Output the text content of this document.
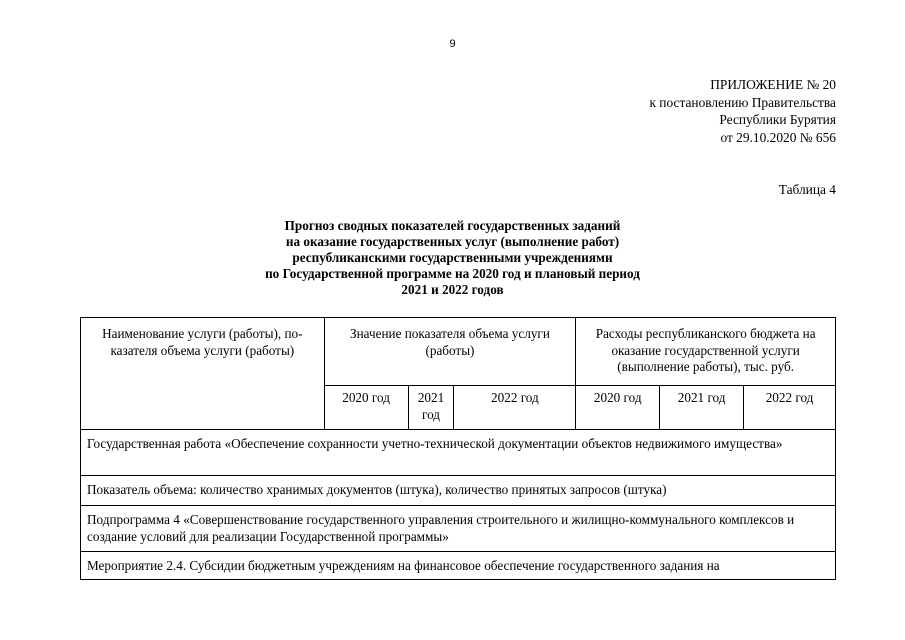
9
ПРИЛОЖЕНИЕ № 20
к постановлению Правительства
Республики Бурятия
от 29.10.2020 № 656
Таблица 4
Прогноз сводных показателей государственных заданий
на оказание государственных услуг (выполнение работ)
республиканскими государственными учреждениями
по Государственной программе на 2020 год и плановый период
2021 и 2022 годов
Наименование услуги (работы), по-казателя объема услуги (работы)	Значение показателя объема услуги (работы)			Расходы республиканского бюджета на оказание государственной услуги (выполнение работы), тыс. руб.		
	2020 год	2021 год	2022 год	2020 год	2021 год	2022 год
Государственная работа «Обеспечение сохранности учетно-технической документации объектов недвижимого имущества»						
Показатель объема: количество хранимых документов (штука), количество принятых запросов (штука)						
Подпрограмма 4 «Совершенствование государственного управления строительного и жилищно-коммунального комплексов и создание условий для реализации Государственной программы»						
Мероприятие 2.4. Субсидии бюджетным учреждениям на финансовое обеспечение государственного задания на						
